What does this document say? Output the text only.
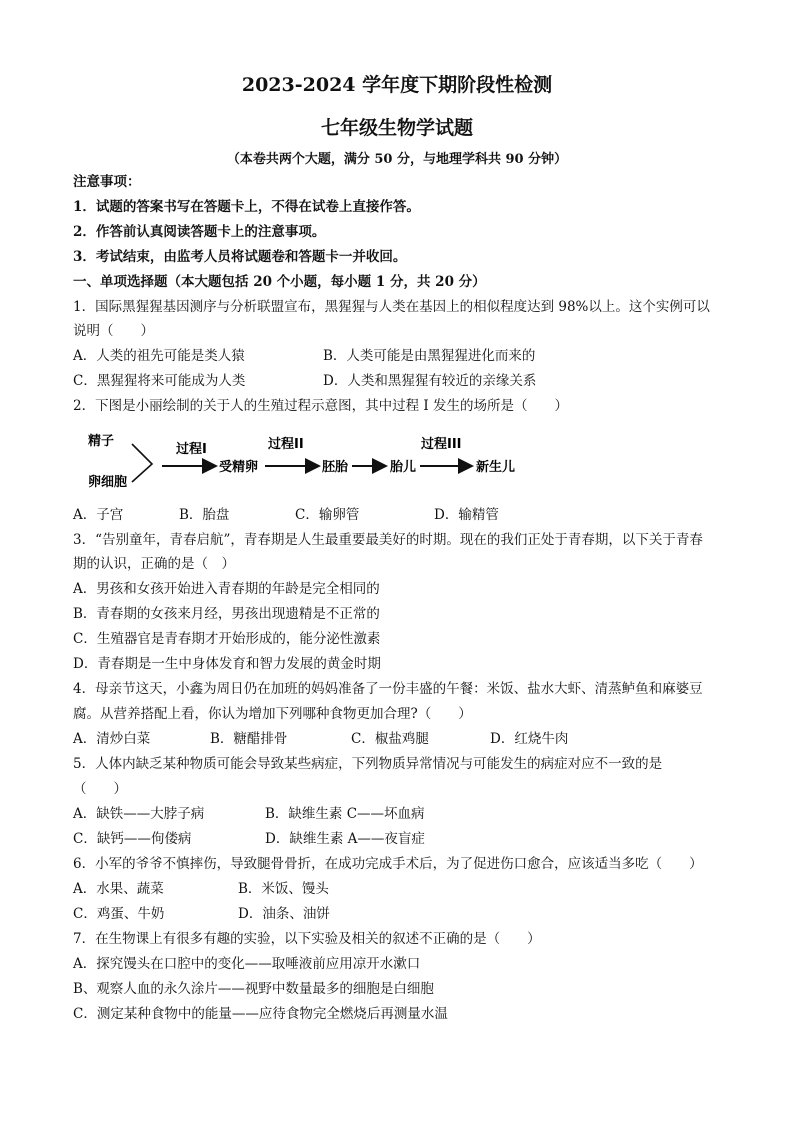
2023-2024 学年度下期阶段性检测
七年级生物学试题
（本卷共两个大题，满分 50 分，与地理学科共 90 分钟）
注意事项：
1．试题的答案书写在答题卡上，不得在试卷上直接作答。
2．作答前认真阅读答题卡上的注意事项。
3．考试结束，由监考人员将试题卷和答题卡一并收回。
一、单项选择题（本大题包括 20 个小题，每小题 1 分，共 20 分）
1．国际黑猩猩基因测序与分析联盟宣布，黑猩猩与人类在基因上的相似程度达到 98%以上。这个实例可以
说明（　　）
A．人类的祖先可能是类人猿	B．人类可能是由黑猩猩进化而来的
C．黑猩猩将来可能成为人类	D．人类和黑猩猩有较近的亲缘关系
2．下图是小丽绘制的关于人的生殖过程示意图，其中过程 I 发生的场所是（　　）
精子
卵细胞
过程I
受精卵
过程II
胚胎	胎儿
过程III
新生儿
A．子宫	B．胎盘	C．输卵管	D．输精管
3．“告别童年，青春启航”，青春期是人生最重要最美好的时期。现在的我们正处于青春期，以下关于青春
期的认识，正确的是（　）
A．男孩和女孩开始进入青春期的年龄是完全相同的
B．青春期的女孩来月经，男孩出现遗精是不正常的
C．生殖器官是青春期才开始形成的，能分泌性激素
D．青春期是一生中身体发育和智力发展的黄金时期
4．母亲节这天，小鑫为周日仍在加班的妈妈准备了一份丰盛的午餐：米饭、盐水大虾、清蒸鲈鱼和麻婆豆
腐。从营养搭配上看，你认为增加下列哪种食物更加合理?（　　）
A．清炒白菜	B．糖醋排骨	C．椒盐鸡腿	D．红烧牛肉
5．人体内缺乏某种物质可能会导致某些病症，下列物质异常情况与可能发生的病症对应不一致的是
（　　）
A．缺铁——大脖子病	B．缺维生素 C——坏血病
C．缺钙——佝偻病	D．缺维生素 A——夜盲症
6．小军的爷爷不慎摔伤，导致腿骨骨折，在成功完成手术后，为了促进伤口愈合，应该适当多吃（　　）
A．水果、蔬菜	B．米饭、馒头
C．鸡蛋、牛奶	D．油条、油饼
7．在生物课上有很多有趣的实验，以下实验及相关的叙述不正确的是（　　）
A．探究馒头在口腔中的变化——取唾液前应用凉开水漱口
B、观察人血的永久涂片——视野中数量最多的细胞是白细胞
C．测定某种食物中的能量——应待食物完全燃烧后再测量水温
